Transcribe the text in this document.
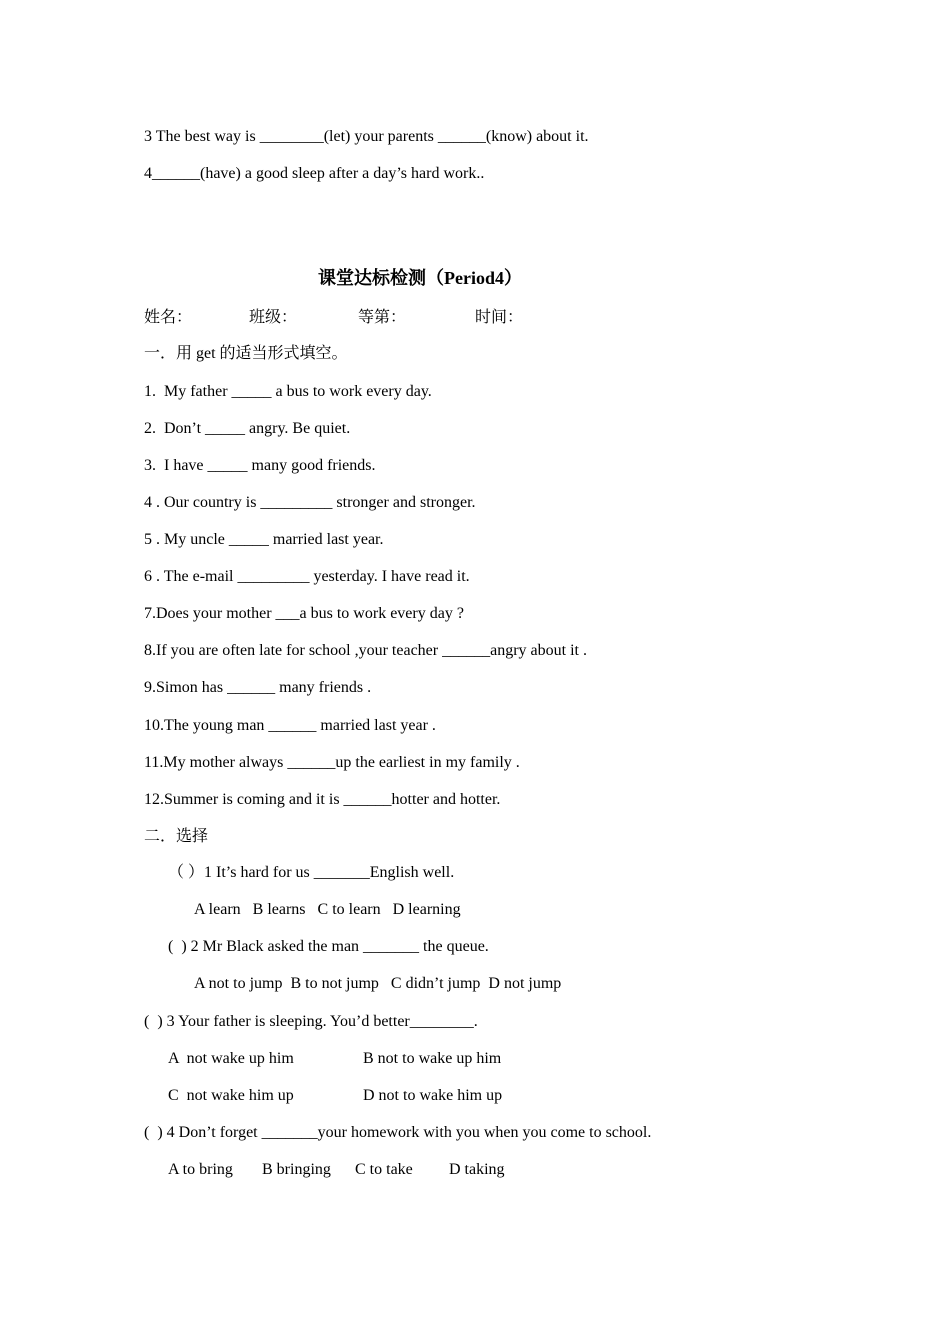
3 The best way is ________(let) your parents ______(know) about it.
4______(have) a good sleep after a day’s hard work..
课堂达标检测（Period4）
姓名：	班级：	等第：	时间：
一．用 get 的适当形式填空。
1.  My father _____ a bus to work every day.
2.  Don’t _____ angry. Be quiet.
3.  I have _____ many good friends.
4 . Our country is _________ stronger and stronger.
5 . My uncle _____ married last year.
6 . The e-mail _________ yesterday. I have read it.
7.Does your mother ___a bus to work every day ?
8.If you are often late for school ,your teacher ______angry about it .
9.Simon has ______ many friends .
10.The young man ______ married last year .
11.My mother always ______up the earliest in my family .
12.Summer is coming and it is ______hotter and hotter.
二．选择
（ ）1 It’s hard for us _______English well.
A learn   B learns   C to learn   D learning
(  ) 2 Mr Black asked the man _______ the queue.
A not to jump  B to not jump   C didn’t jump  D not jump
(  ) 3 Your father is sleeping. You’d better________.
A  not wake up him	B not to wake up him
C  not wake him up	D not to wake him up
(  ) 4 Don’t forget _______your homework with you when you come to school.
A to bring B bringing C to take D taking
